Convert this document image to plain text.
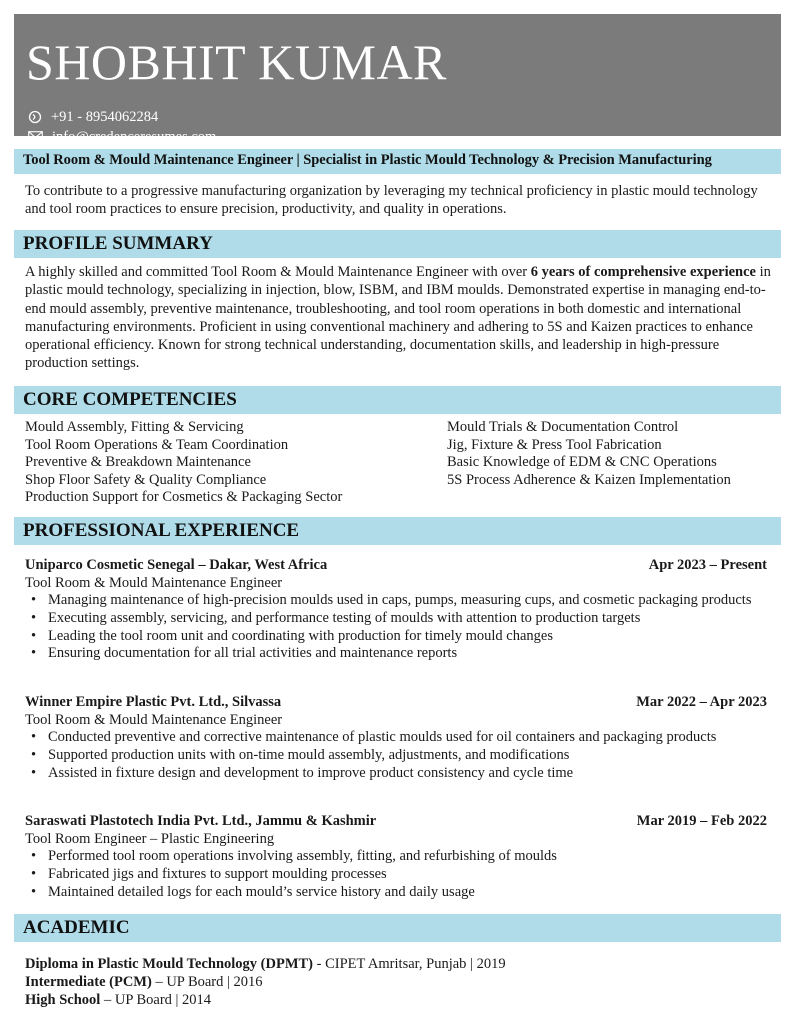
SHOBHIT KUMAR
+91 - 8954062284
info@credenceresumes.com

Tool Room & Mould Maintenance Engineer | Specialist in Plastic Mould Technology & Precision Manufacturing

To contribute to a progressive manufacturing organization by leveraging my technical proficiency in plastic mould technology and tool room practices to ensure precision, productivity, and quality in operations.

PROFILE SUMMARY

A highly skilled and committed Tool Room & Mould Maintenance Engineer with over 6 years of comprehensive experience in plastic mould technology, specializing in injection, blow, ISBM, and IBM moulds. Demonstrated expertise in managing end-to-end mould assembly, preventive maintenance, troubleshooting, and tool room operations in both domestic and international manufacturing environments. Proficient in using conventional machinery and adhering to 5S and Kaizen practices to enhance operational efficiency. Known for strong technical understanding, documentation skills, and leadership in high-pressure production settings.

CORE COMPETENCIES
Mould Assembly, Fitting & Servicing
Tool Room Operations & Team Coordination
Preventive & Breakdown Maintenance
Shop Floor Safety & Quality Compliance
Production Support for Cosmetics & Packaging Sector
Mould Trials & Documentation Control
Jig, Fixture & Press Tool Fabrication
Basic Knowledge of EDM & CNC Operations
5S Process Adherence & Kaizen Implementation
PROFESSIONAL EXPERIENCE
Uniparco Cosmetic Senegal – Dakar, West Africa	Apr 2023 – Present

Tool Room & Mould Maintenance Engineer

• Managing maintenance of high-precision moulds used in caps, pumps, measuring cups, and cosmetic packaging products
• Executing assembly, servicing, and performance testing of moulds with attention to production targets
• Leading the tool room unit and coordinating with production for timely mould changes
• Ensuring documentation for all trial activities and maintenance reports
Winner Empire Plastic Pvt. Ltd., Silvassa	Mar 2022 – Apr 2023

Tool Room & Mould Maintenance Engineer

• Conducted preventive and corrective maintenance of plastic moulds used for oil containers and packaging products
• Supported production units with on-time mould assembly, adjustments, and modifications
• Assisted in fixture design and development to improve product consistency and cycle time
Saraswati Plastotech India Pvt. Ltd., Jammu & Kashmir	Mar 2019 – Feb 2022

Tool Room Engineer – Plastic Engineering

• Performed tool room operations involving assembly, fitting, and refurbishing of moulds
• Fabricated jigs and fixtures to support moulding processes
• Maintained detailed logs for each mould’s service history and daily usage
ACADEMIC

Diploma in Plastic Mould Technology (DPMT) - CIPET Amritsar, Punjab | 2019

Intermediate (PCM) – UP Board | 2016

High School – UP Board | 2014
